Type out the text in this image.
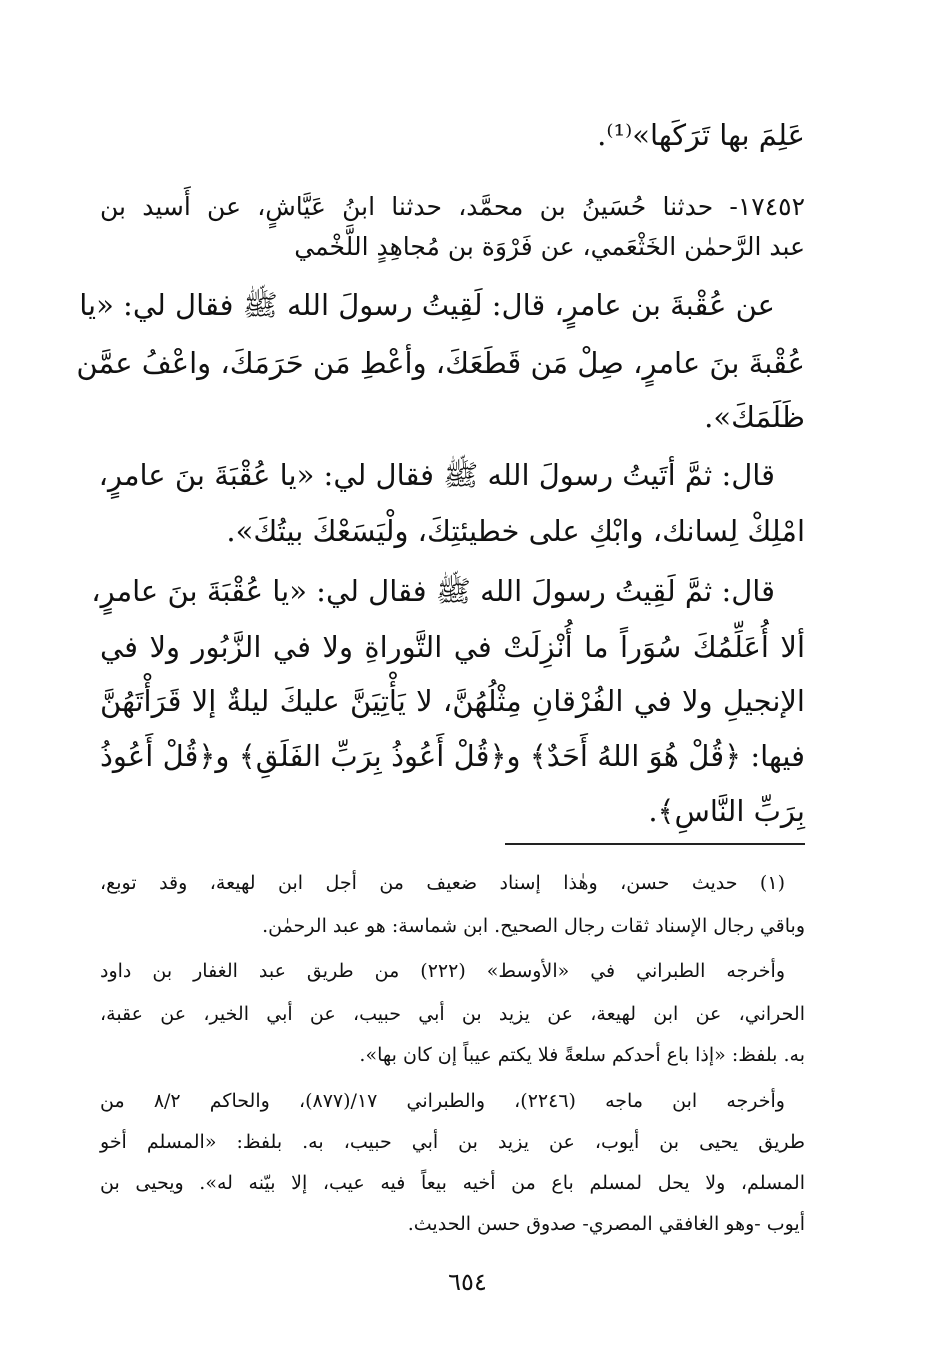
عَلِمَ بها تَرَكَها»⁽¹⁾.
١٧٤٥٢- حدثنا حُسَينُ بن محمَّد، حدثنا ابنُ عَيَّاشٍ، عن أَسيد بن
عبد الرَّحمٰن الخَثْعَمي، عن فَرْوَة بن مُجاهِدٍ اللَّخْمي
عن عُقْبةَ بن عامرٍ، قال: لَقِيتُ رسولَ الله ﷺ فقال لي: «يا
عُقْبةَ بنَ عامرٍ، صِلْ مَن قَطَعَكَ، وأعْطِ مَن حَرَمَكَ، واعْفُ عمَّن
ظَلَمَكَ».
قال: ثمَّ أتَيتُ رسولَ الله ﷺ فقال لي: «يا عُقْبَةَ بنَ عامرٍ،
امْلِكْ لِسانك، وابْكِ على خطيئتِكَ، ولْيَسَعْكَ بيتُكَ».
قال: ثمَّ لَقِيتُ رسولَ الله ﷺ فقال لي: «يا عُقْبَةَ بنَ عامرٍ،
ألا أُعَلِّمُكَ سُوَراً ما أُنْزِلَتْ في التَّوراةِ ولا في الزَّبُور ولا في
الإنجيلِ ولا في الفُرْقانِ مِثْلُهُنَّ، لا يَأْتِيَنَّ عليكَ ليلةٌ إلا قَرَأْتَهُنَّ
فيها: ﴿قُلْ هُوَ اللهُ أَحَدٌ﴾ و﴿قُلْ أَعُوذُ بِرَبِّ الفَلَقِ﴾ و﴿قُلْ أَعُوذُ
بِرَبِّ النَّاسِ﴾.
(١) حديث حسن، وهٰذا إسناد ضعيف من أجل ابن لهيعة، وقد توبع،
وباقي رجال الإسناد ثقات رجال الصحيح. ابن شماسة: هو عبد الرحمٰن.
وأخرجه الطبراني في «الأوسط» (٢٢٢) من طريق عبد الغفار بن داود
الحراني، عن ابن لهيعة، عن يزيد بن أبي حبيب، عن أبي الخير، عن عقبة،
به. بلفظ: «إذا باع أحدكم سلعةً فلا يكتم عيباً إن كان بها».
وأخرجه ابن ماجه (٢٢٤٦)، والطبراني ١٧/(٨٧٧)، والحاكم ٨/٢ من
طريق يحيى بن أيوب، عن يزيد بن أبي حبيب، به. بلفظ: «المسلم أخو
المسلم، ولا يحل لمسلم باع من أخيه بيعاً فيه عيب، إلا بيّنه له». ويحيى بن
أيوب -وهو الغافقي المصري- صدوق حسن الحديث.
٦٥٤
